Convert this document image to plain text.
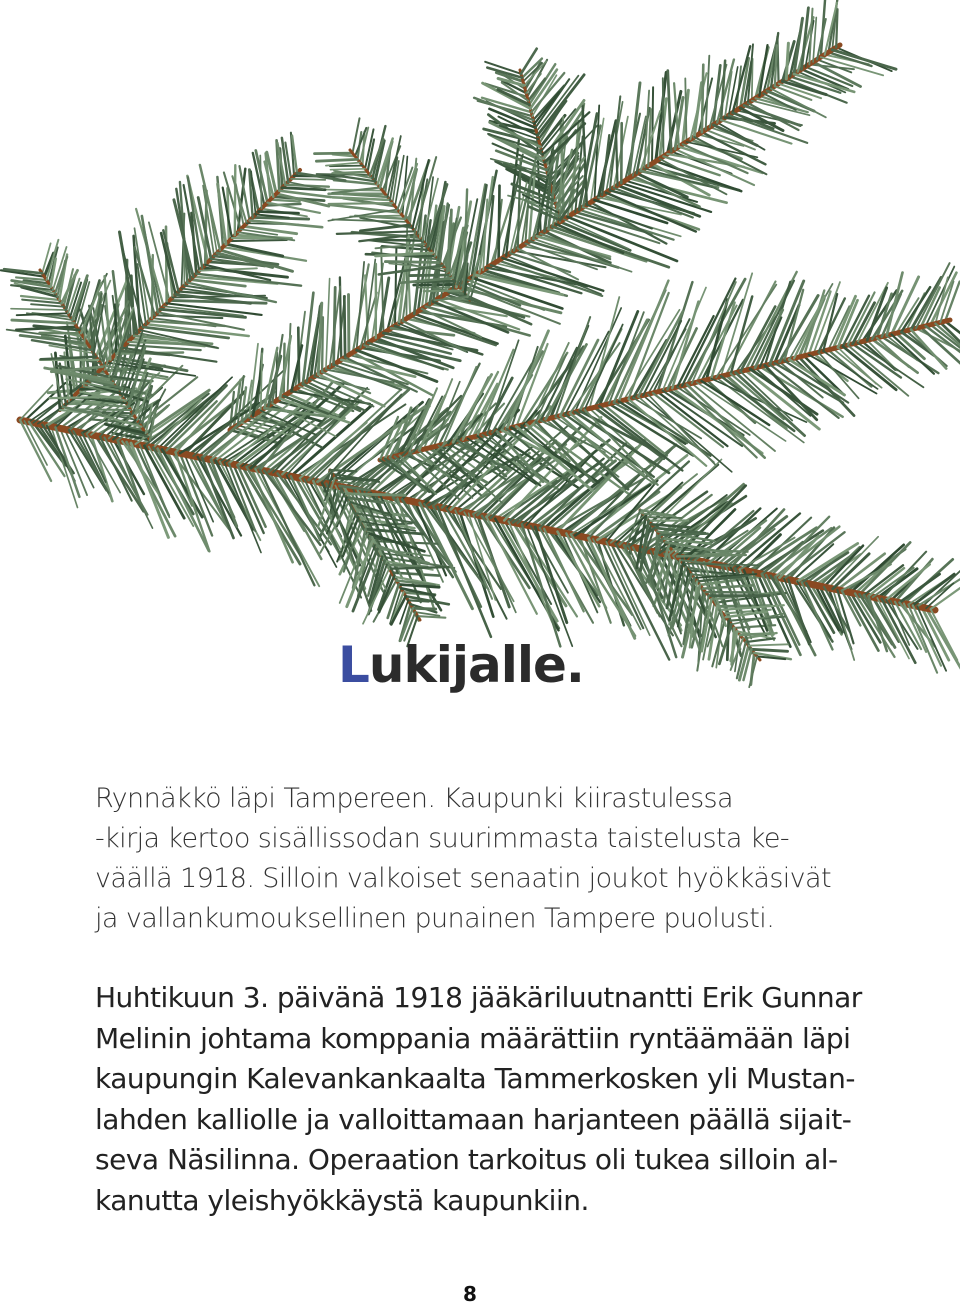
Lukijalle.

Rynnäkkö läpi Tampereen. Kaupunki kiirastulessa
-kirja kertoo sisällissodan suurimmasta taistelusta ke-
väällä 1918. Silloin valkoiset senaatin joukot hyökkäsivät
ja vallankumouksellinen punainen Tampere puolusti.

Huhtikuun 3. päivänä 1918 jääkäriluutnantti Erik Gunnar
Melinin johtama komppania määrättiin ryntäämään läpi
kaupungin Kalevankankaalta Tammerkosken yli Mustan-
lahden kalliolle ja valloittamaan harjanteen päällä sijait-
seva Näsilinna. Operaation tarkoitus oli tukea silloin al-
kanutta yleishyökkäystä kaupunkiin.

8
